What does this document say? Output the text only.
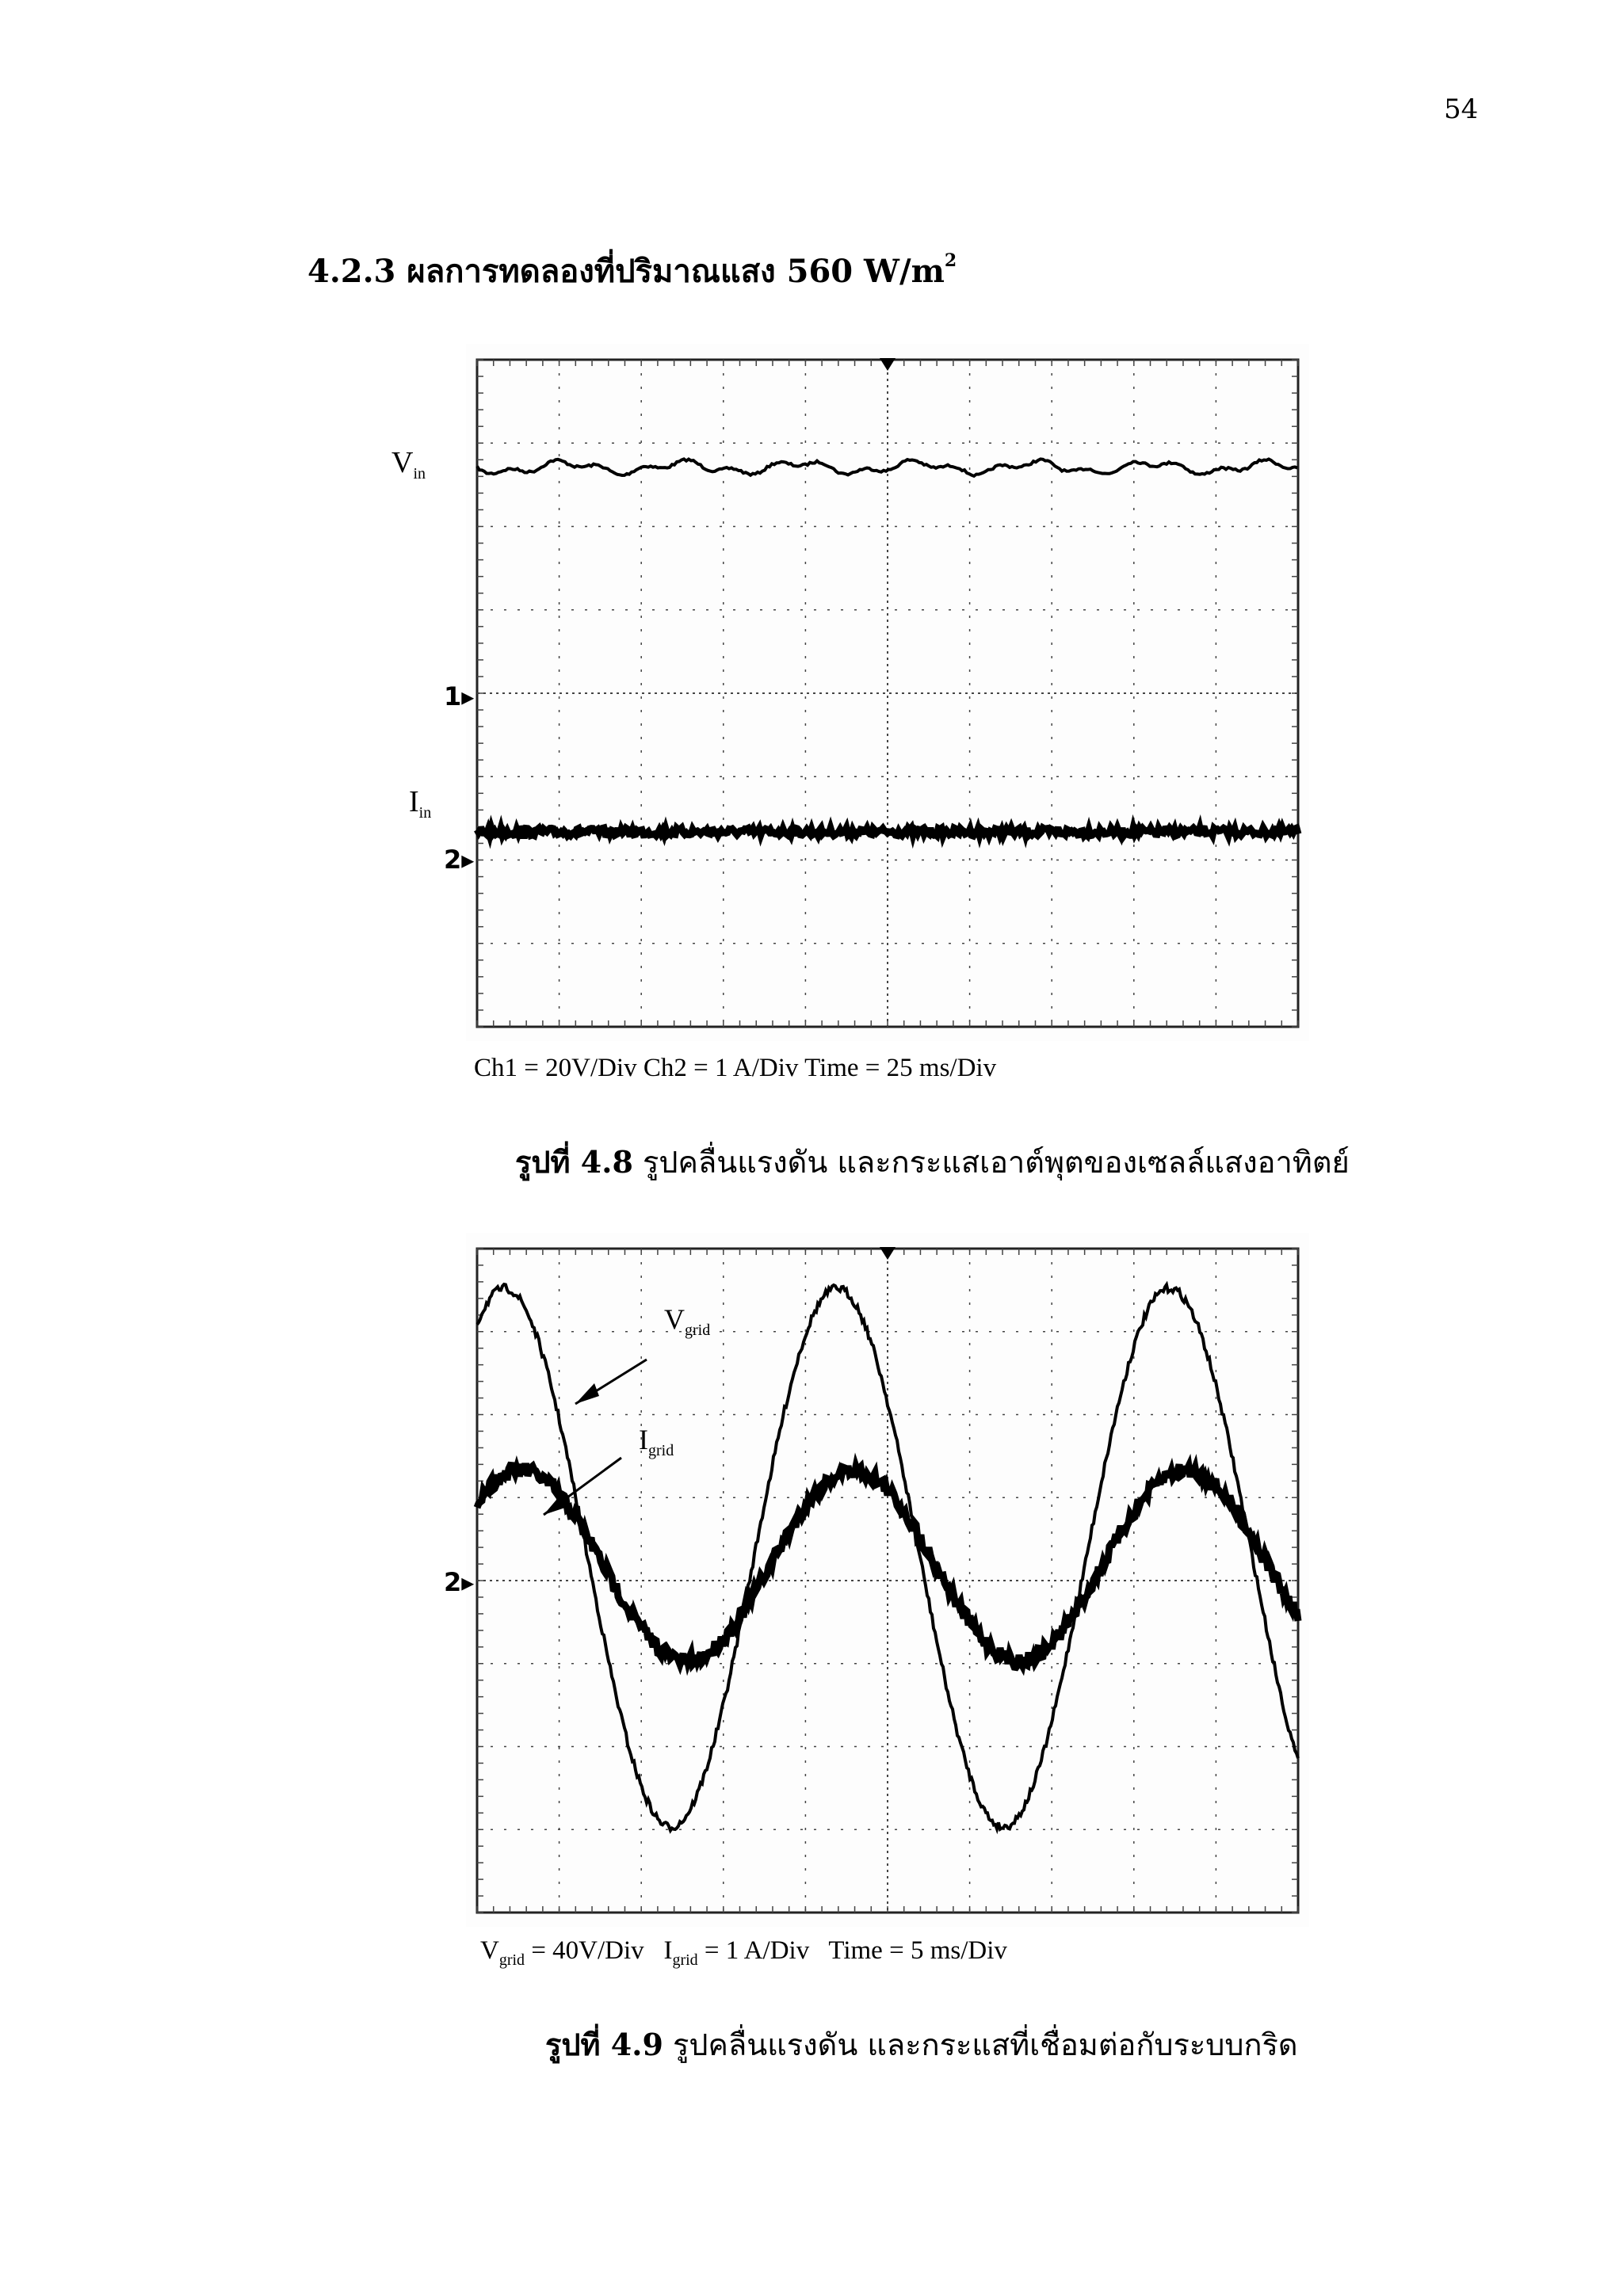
54
4.2.3 ผลการทดลองที่ปริมาณแสง 560 $W/m^2$
$V_{in}$
$I_{in}$
1▸
2▸
Ch1 = 20V/Div Ch2 = 1 A/Div Time = 25 ms/Div
รูปที่ 4.8 รูปคลื่นแรงดัน และกระแสเอาต์พุตของเซลล์แสงอาทิตย์
$V_{grid}$
$I_{grid}$
2▸
$V_{grid} = 40V/Div$   $I_{grid} = 1$ A/Div   Time = 5 ms/Div
รูปที่ 4.9 รูปคลื่นแรงดัน และกระแสที่เชื่อมต่อกับระบบกริด
